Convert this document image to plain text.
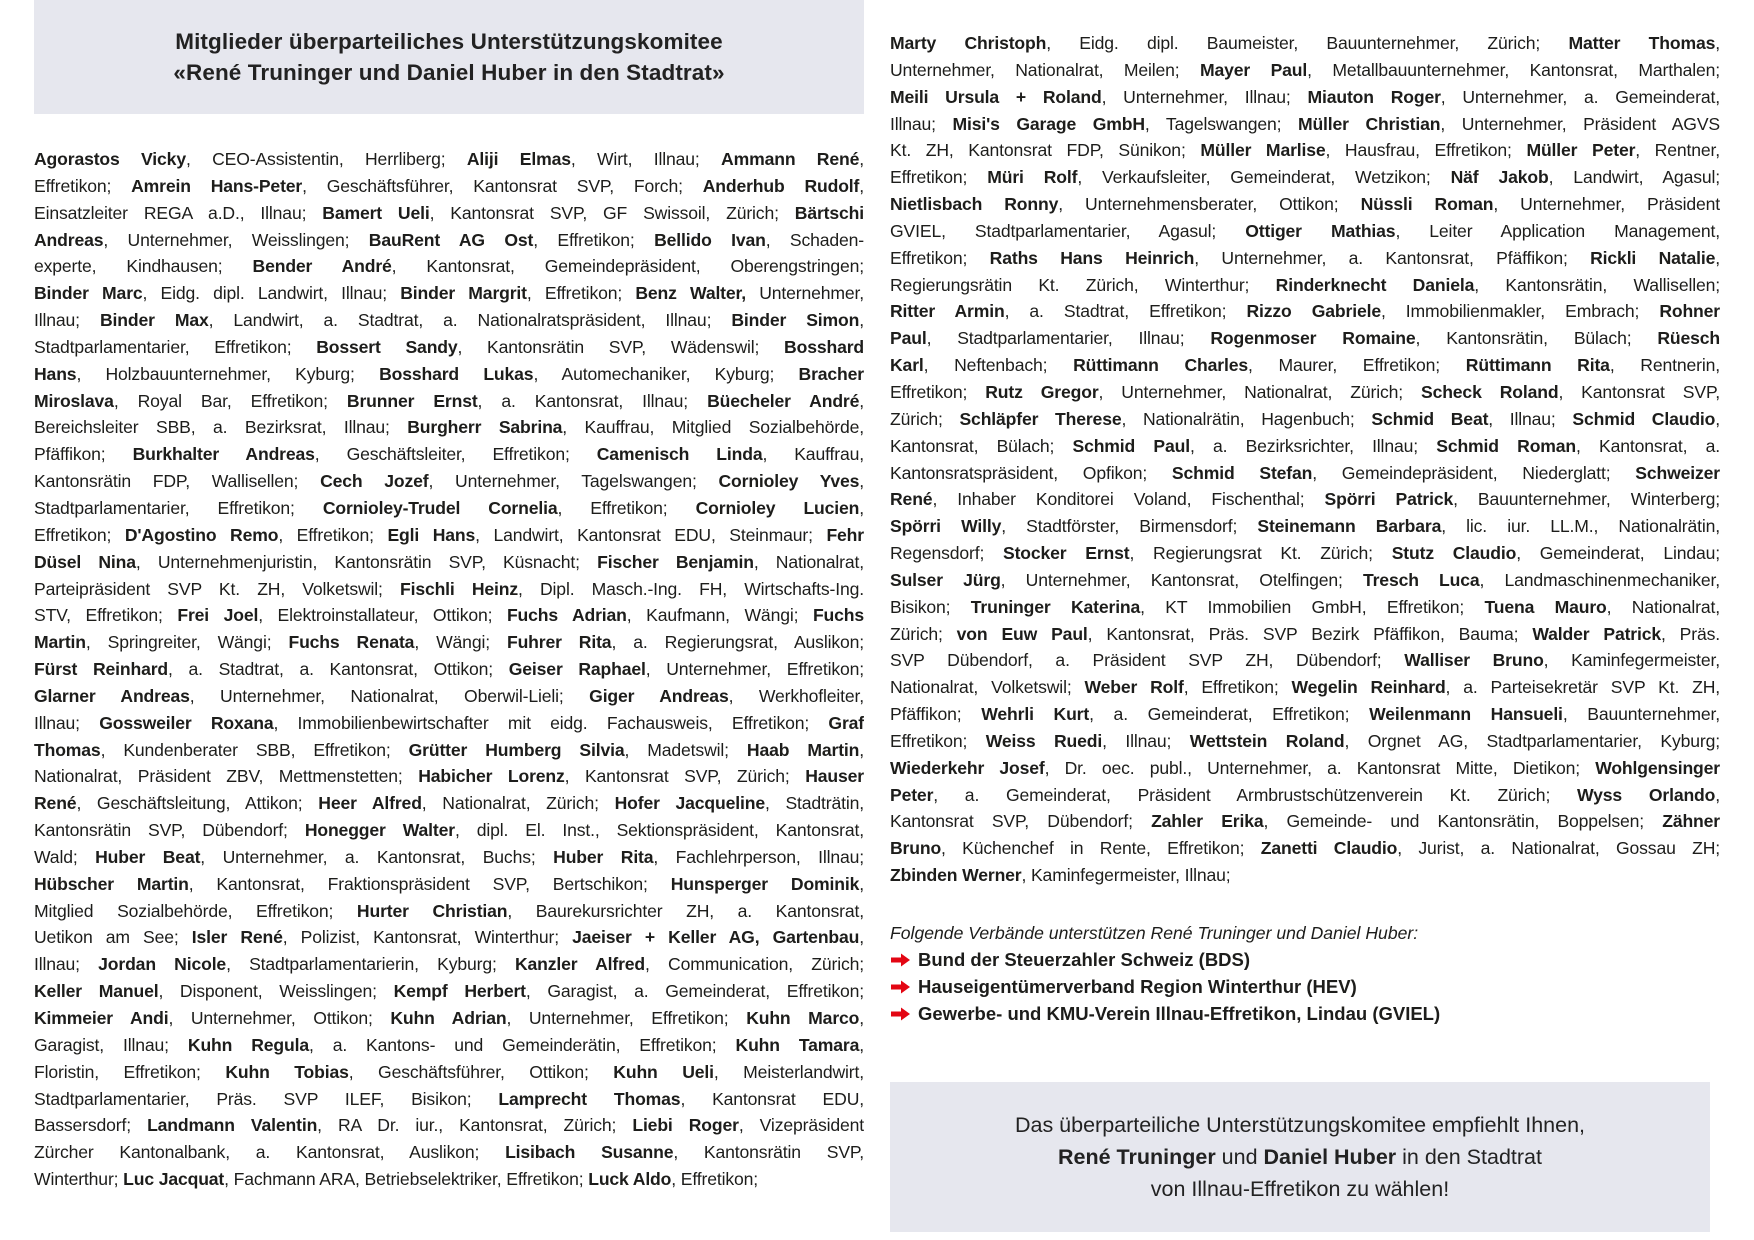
Mitglieder überparteiliches Unterstützungskomitee
«René Truninger und Daniel Huber in den Stadtrat»
Agorastos Vicky, CEO-Assistentin, Herrliberg; Aliji Elmas, Wirt, Illnau; Ammann René,
Effretikon; Amrein Hans-Peter, Geschäftsführer, Kantonsrat SVP, Forch; Anderhub Rudolf,
Einsatzleiter REGA a.D., Illnau; Bamert Ueli, Kantonsrat SVP, GF Swissoil, Zürich; Bärtschi
Andreas, Unternehmer, Weisslingen; BauRent AG Ost, Effretikon; Bellido Ivan, Schaden-
experte, Kindhausen; Bender André, Kantonsrat, Gemeindepräsident, Oberengstringen;
Binder Marc, Eidg. dipl. Landwirt, Illnau; Binder Margrit, Effretikon; Benz Walter, Unternehmer,
Illnau; Binder Max, Landwirt, a. Stadtrat, a. Nationalratspräsident, Illnau; Binder Simon,
Stadtparlamentarier, Effretikon; Bossert Sandy, Kantonsrätin SVP, Wädenswil; Bosshard
Hans, Holzbauunternehmer, Kyburg; Bosshard Lukas, Automechaniker, Kyburg; Bracher
Miroslava, Royal Bar, Effretikon; Brunner Ernst, a. Kantonsrat, Illnau; Büecheler André,
Bereichsleiter SBB, a. Bezirksrat, Illnau; Burgherr Sabrina, Kauffrau, Mitglied Sozialbehörde,
Pfäffikon; Burkhalter Andreas, Geschäftsleiter, Effretikon; Camenisch Linda, Kauffrau,
Kantonsrätin FDP, Wallisellen; Cech Jozef, Unternehmer, Tagelswangen; Cornioley Yves,
Stadtparlamentarier, Effretikon; Cornioley-Trudel Cornelia, Effretikon; Cornioley Lucien,
Effretikon; D'Agostino Remo, Effretikon; Egli Hans, Landwirt, Kantonsrat EDU, Steinmaur; Fehr
Düsel Nina, Unternehmenjuristin, Kantonsrätin SVP, Küsnacht; Fischer Benjamin, Nationalrat,
Parteipräsident SVP Kt. ZH, Volketswil; Fischli Heinz, Dipl. Masch.-Ing. FH, Wirtschafts-Ing.
STV, Effretikon; Frei Joel, Elektroinstallateur, Ottikon; Fuchs Adrian, Kaufmann, Wängi; Fuchs
Martin, Springreiter, Wängi; Fuchs Renata, Wängi; Fuhrer Rita, a. Regierungsrat, Auslikon;
Fürst Reinhard, a. Stadtrat, a. Kantonsrat, Ottikon; Geiser Raphael, Unternehmer, Effretikon;
Glarner Andreas, Unternehmer, Nationalrat, Oberwil-Lieli; Giger Andreas, Werkhofleiter,
Illnau; Gossweiler Roxana, Immobilienbewirtschafter mit eidg. Fachausweis, Effretikon; Graf
Thomas, Kundenberater SBB, Effretikon; Grütter Humberg Silvia, Madetswil; Haab Martin,
Nationalrat, Präsident ZBV, Mettmenstetten; Habicher Lorenz, Kantonsrat SVP, Zürich; Hauser
René, Geschäftsleitung, Attikon; Heer Alfred, Nationalrat, Zürich; Hofer Jacqueline, Stadträtin,
Kantonsrätin SVP, Dübendorf; Honegger Walter, dipl. El. Inst., Sektionspräsident, Kantonsrat,
Wald; Huber Beat, Unternehmer, a. Kantonsrat, Buchs; Huber Rita, Fachlehrperson, Illnau;
Hübscher Martin, Kantonsrat, Fraktionspräsident SVP, Bertschikon; Hunsperger Dominik,
Mitglied Sozialbehörde, Effretikon; Hurter Christian, Baurekursrichter ZH, a. Kantonsrat,
Uetikon am See; Isler René, Polizist, Kantonsrat, Winterthur; Jaeiser + Keller AG, Gartenbau,
Illnau; Jordan Nicole, Stadtparlamentarierin, Kyburg; Kanzler Alfred, Communication, Zürich;
Keller Manuel, Disponent, Weisslingen; Kempf Herbert, Garagist, a. Gemeinderat, Effretikon;
Kimmeier Andi, Unternehmer, Ottikon; Kuhn Adrian, Unternehmer, Effretikon; Kuhn Marco,
Garagist, Illnau; Kuhn Regula, a. Kantons- und Gemeinderätin, Effretikon; Kuhn Tamara,
Floristin, Effretikon; Kuhn Tobias, Geschäftsführer, Ottikon; Kuhn Ueli, Meisterlandwirt,
Stadtparlamentarier, Präs. SVP ILEF, Bisikon; Lamprecht Thomas, Kantonsrat EDU,
Bassersdorf; Landmann Valentin, RA Dr. iur., Kantonsrat, Zürich; Liebi Roger, Vizepräsident
Zürcher Kantonalbank, a. Kantonsrat, Auslikon; Lisibach Susanne, Kantonsrätin SVP,
Winterthur; Luc Jacquat, Fachmann ARA, Betriebselektriker, Effretikon; Luck Aldo, Effretikon;
Marty Christoph, Eidg. dipl. Baumeister, Bauunternehmer, Zürich; Matter Thomas,
Unternehmer, Nationalrat, Meilen; Mayer Paul, Metallbauunternehmer, Kantonsrat, Marthalen;
Meili Ursula + Roland, Unternehmer, Illnau; Miauton Roger, Unternehmer, a. Gemeinderat,
Illnau; Misi's Garage GmbH, Tagelswangen; Müller Christian, Unternehmer, Präsident AGVS
Kt. ZH, Kantonsrat FDP, Sünikon; Müller Marlise, Hausfrau, Effretikon; Müller Peter, Rentner,
Effretikon; Müri Rolf, Verkaufsleiter, Gemeinderat, Wetzikon; Näf Jakob, Landwirt, Agasul;
Nietlisbach Ronny, Unternehmensberater, Ottikon; Nüssli Roman, Unternehmer, Präsident
GVIEL, Stadtparlamentarier, Agasul; Ottiger Mathias, Leiter Application Management,
Effretikon; Raths Hans Heinrich, Unternehmer, a. Kantonsrat, Pfäffikon; Rickli Natalie,
Regierungsrätin Kt. Zürich, Winterthur; Rinderknecht Daniela, Kantonsrätin, Wallisellen;
Ritter Armin, a. Stadtrat, Effretikon; Rizzo Gabriele, Immobilienmakler, Embrach; Rohner
Paul, Stadtparlamentarier, Illnau; Rogenmoser Romaine, Kantonsrätin, Bülach; Rüesch
Karl, Neftenbach; Rüttimann Charles, Maurer, Effretikon; Rüttimann Rita, Rentnerin,
Effretikon; Rutz Gregor, Unternehmer, Nationalrat, Zürich; Scheck Roland, Kantonsrat SVP,
Zürich; Schläpfer Therese, Nationalrätin, Hagenbuch; Schmid Beat, Illnau; Schmid Claudio,
Kantonsrat, Bülach; Schmid Paul, a. Bezirksrichter, Illnau; Schmid Roman, Kantonsrat, a.
Kantonsratspräsident, Opfikon; Schmid Stefan, Gemeindepräsident, Niederglatt; Schweizer
René, Inhaber Konditorei Voland, Fischenthal; Spörri Patrick, Bauunternehmer, Winterberg;
Spörri Willy, Stadtförster, Birmensdorf; Steinemann Barbara, lic. iur. LL.M., Nationalrätin,
Regensdorf; Stocker Ernst, Regierungsrat Kt. Zürich; Stutz Claudio, Gemeinderat, Lindau;
Sulser Jürg, Unternehmer, Kantonsrat, Otelfingen; Tresch Luca, Landmaschinenmechaniker,
Bisikon; Truninger Katerina, KT Immobilien GmbH, Effretikon; Tuena Mauro, Nationalrat,
Zürich; von Euw Paul, Kantonsrat, Präs. SVP Bezirk Pfäffikon, Bauma; Walder Patrick, Präs.
SVP Dübendorf, a. Präsident SVP ZH, Dübendorf; Walliser Bruno, Kaminfegermeister,
Nationalrat, Volketswil; Weber Rolf, Effretikon; Wegelin Reinhard, a. Parteisekretär SVP Kt. ZH,
Pfäffikon; Wehrli Kurt, a. Gemeinderat, Effretikon; Weilenmann Hansueli, Bauunternehmer,
Effretikon; Weiss Ruedi, Illnau; Wettstein Roland, Orgnet AG, Stadtparlamentarier, Kyburg;
Wiederkehr Josef, Dr. oec. publ., Unternehmer, a. Kantonsrat Mitte, Dietikon; Wohlgensinger
Peter, a. Gemeinderat, Präsident Armbrustschützenverein Kt. Zürich; Wyss Orlando,
Kantonsrat SVP, Dübendorf; Zahler Erika, Gemeinde- und Kantonsrätin, Boppelsen; Zähner
Bruno, Küchenchef in Rente, Effretikon; Zanetti Claudio, Jurist, a. Nationalrat, Gossau ZH;
Zbinden Werner, Kaminfegermeister, Illnau;
Folgende Verbände unterstützen René Truninger und Daniel Huber:
Bund der Steuerzahler Schweiz (BDS)
Hauseigentümerverband Region Winterthur (HEV)
Gewerbe- und KMU-Verein Illnau-Effretikon, Lindau (GVIEL)
Das überparteiliche Unterstützungskomitee empfiehlt Ihnen,
René Truninger und Daniel Huber in den Stadtrat
von Illnau-Effretikon zu wählen!
